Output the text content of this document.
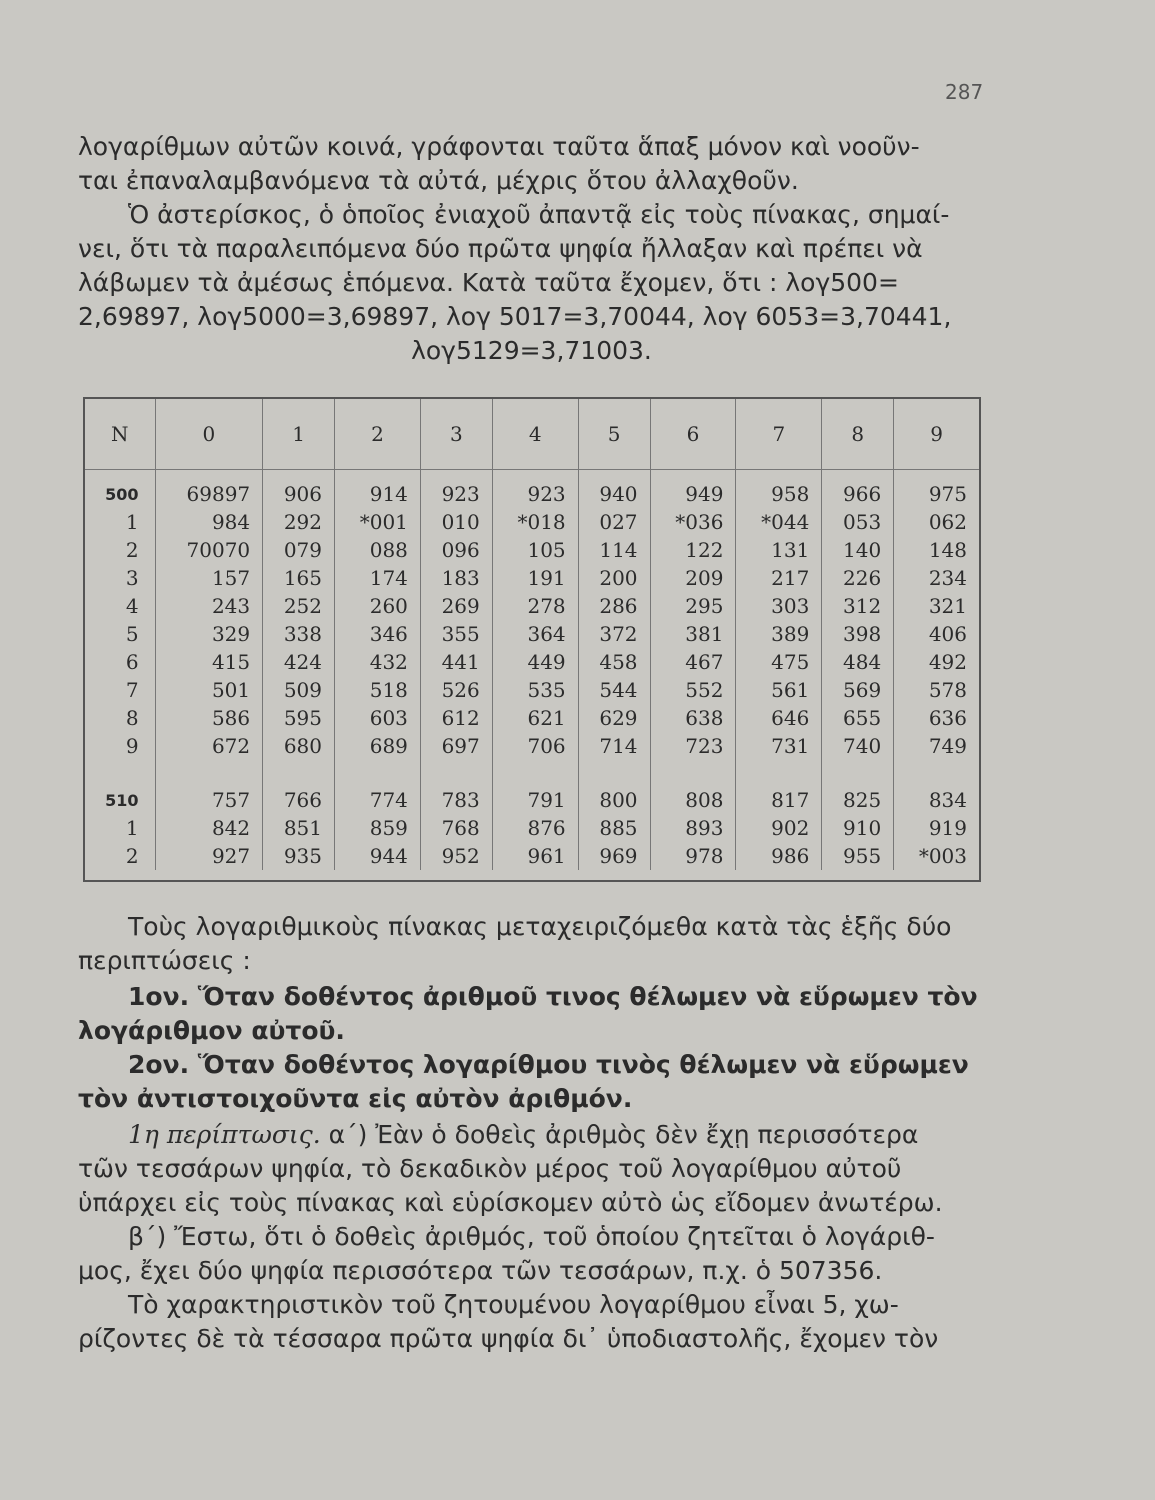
287
λογαρίθμων αὐτῶν κοινά, γράφονται ταῦτα ἅπαξ μόνον καὶ νοοῦν-
ται ἐπαναλαμβανόμενα τὰ αὐτά, μέχρις ὅτου ἀλλαχθοῦν.
Ὁ ἀστερίσκος, ὁ ὁποῖος ἐνιαχοῦ ἀπαντᾷ εἰς τοὺς πίνακας, σημαί-
νει, ὅτι τὰ παραλειπόμενα δύο πρῶτα ψηφία ἤλλαξαν καὶ πρέπει νὰ
λάβωμεν τὰ ἀμέσως ἑπόμενα. Κατὰ ταῦτα ἔχομεν, ὅτι : λογ500=
2,69897, λογ5000=3,69897, λογ 5017=3,70044, λογ 6053=3,70441,
λογ5129=3,71003.
N	0	1	2	3	4	5	6	7	8	9
500	69897	906	914	923	923	940	949	958	966	975
1	984	292	*001	010	*018	027	*036	*044	053	062
2	70070	079	088	096	105	114	122	131	140	148
3	157	165	174	183	191	200	209	217	226	234
4	243	252	260	269	278	286	295	303	312	321
5	329	338	346	355	364	372	381	389	398	406
6	415	424	432	441	449	458	467	475	484	492
7	501	509	518	526	535	544	552	561	569	578
8	586	595	603	612	621	629	638	646	655	636
9	672	680	689	697	706	714	723	731	740	749

510	757	766	774	783	791	800	808	817	825	834
1	842	851	859	768	876	885	893	902	910	919
2	927	935	944	952	961	969	978	986	955	*003
Τοὺς λογαριθμικοὺς πίνακας μεταχειριζόμεθα κατὰ τὰς ἑξῆς δύο
περιπτώσεις :
1ον. Ὅταν δοθέντος ἀριθμοῦ τινος θέλωμεν νὰ εὕρωμεν τὸν
λογάριθμον αὐτοῦ.
2ον. Ὅταν δοθέντος λογαρίθμου τινὸς θέλωμεν νὰ εὕρωμεν
τὸν ἀντιστοιχοῦντα εἰς αὐτὸν ἀριθμόν.
1η περίπτωσις. α΄) Ἐὰν ὁ δοθεὶς ἀριθμὸς δὲν ἔχῃ περισσότερα
τῶν τεσσάρων ψηφία, τὸ δεκαδικὸν μέρος τοῦ λογαρίθμου αὐτοῦ
ὑπάρχει εἰς τοὺς πίνακας καὶ εὑρίσκομεν αὐτὸ ὡς εἴδομεν ἀνωτέρω.
β΄) Ἔστω, ὅτι ὁ δοθεὶς ἀριθμός, τοῦ ὁποίου ζητεῖται ὁ λογάριθ-
μος, ἔχει δύο ψηφία περισσότερα τῶν τεσσάρων, π.χ. ὁ 507356.
Τὸ χαρακτηριστικὸν τοῦ ζητουμένου λογαρίθμου εἶναι 5, χω-
ρίζοντες δὲ τὰ τέσσαρα πρῶτα ψηφία δι᾽ ὑποδιαστολῆς, ἔχομεν τὸν
